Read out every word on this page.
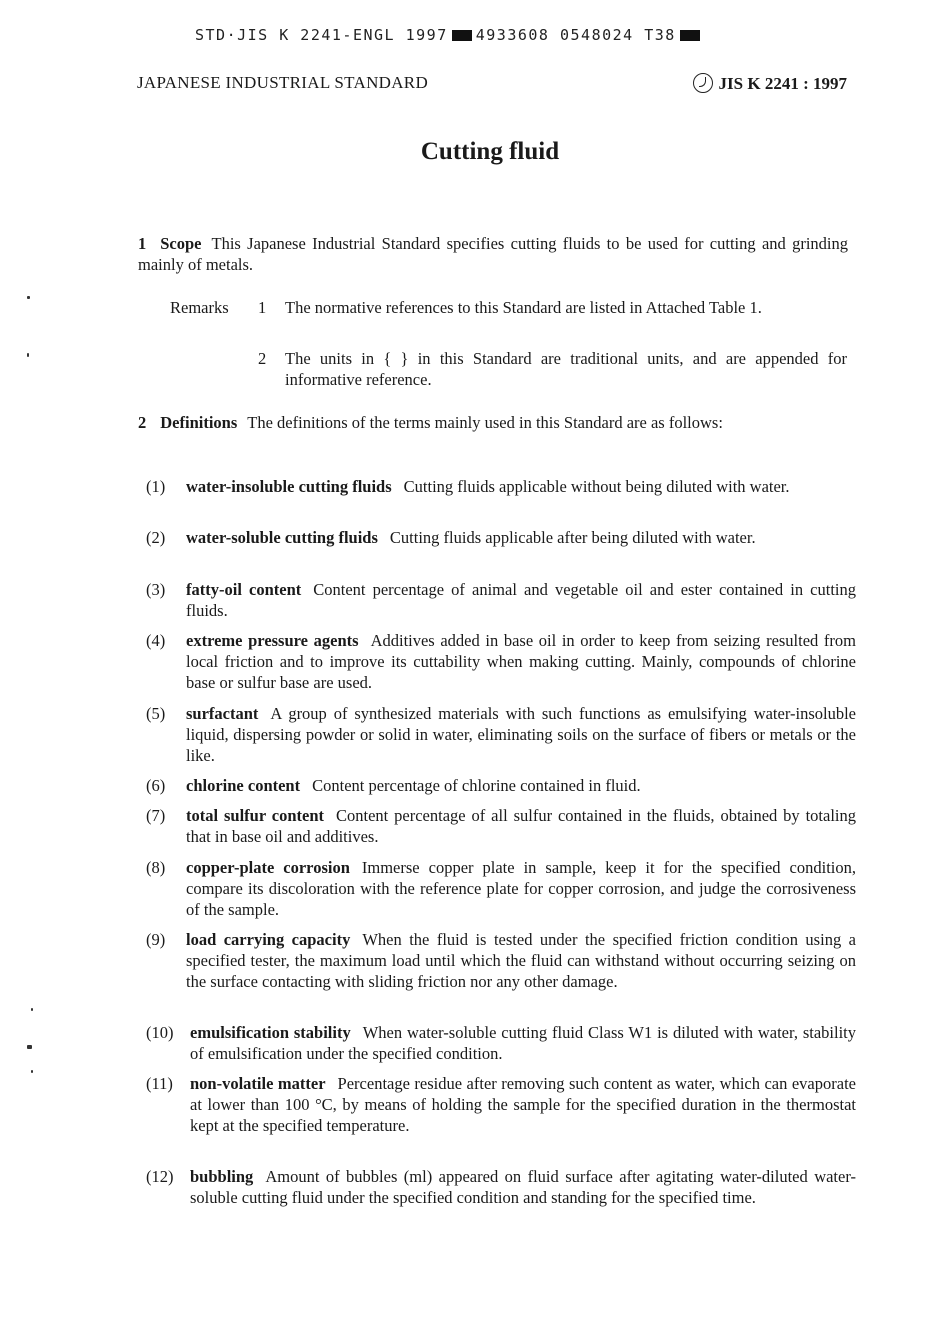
STD·JIS K 2241-ENGL 1997 4933608 0548024 T38
JAPANESE INDUSTRIAL STANDARD	JIS K 2241 : 1997
Cutting fluid
1 Scope This Japanese Industrial Standard specifies cutting fluids to be used for cutting and grinding mainly of metals.
Remarks 1 The normative references to this Standard are listed in Attached Table 1.
2 The units in { } in this Standard are traditional units, and are appended for informative reference.
2 Definitions The definitions of the terms mainly used in this Standard are as follows:
(1) water-insoluble cutting fluids Cutting fluids applicable without being diluted with water.
(2) water-soluble cutting fluids Cutting fluids applicable after being diluted with water.
(3) fatty-oil content Content percentage of animal and vegetable oil and ester contained in cutting fluids.
(4) extreme pressure agents Additives added in base oil in order to keep from seizing resulted from local friction and to improve its cuttability when making cutting. Mainly, compounds of chlorine base or sulfur base are used.
(5) surfactant A group of synthesized materials with such functions as emulsifying water-insoluble liquid, dispersing powder or solid in water, eliminating soils on the surface of fibers or metals or the like.
(6) chlorine content Content percentage of chlorine contained in fluid.
(7) total sulfur content Content percentage of all sulfur contained in the fluids, obtained by totaling that in base oil and additives.
(8) copper-plate corrosion Immerse copper plate in sample, keep it for the specified condition, compare its discoloration with the reference plate for copper corrosion, and judge the corrosiveness of the sample.
(9) load carrying capacity When the fluid is tested under the specified friction condition using a specified tester, the maximum load until which the fluid can withstand without occurring seizing on the surface contacting with sliding friction nor any other damage.
(10) emulsification stability When water-soluble cutting fluid Class W1 is diluted with water, stability of emulsification under the specified condition.
(11) non-volatile matter Percentage residue after removing such content as water, which can evaporate at lower than 100 °C, by means of holding the sample for the specified duration in the thermostat kept at the specified temperature.
(12) bubbling Amount of bubbles (ml) appeared on fluid surface after agitating water-diluted water-soluble cutting fluid under the specified condition and standing for the specified time.
